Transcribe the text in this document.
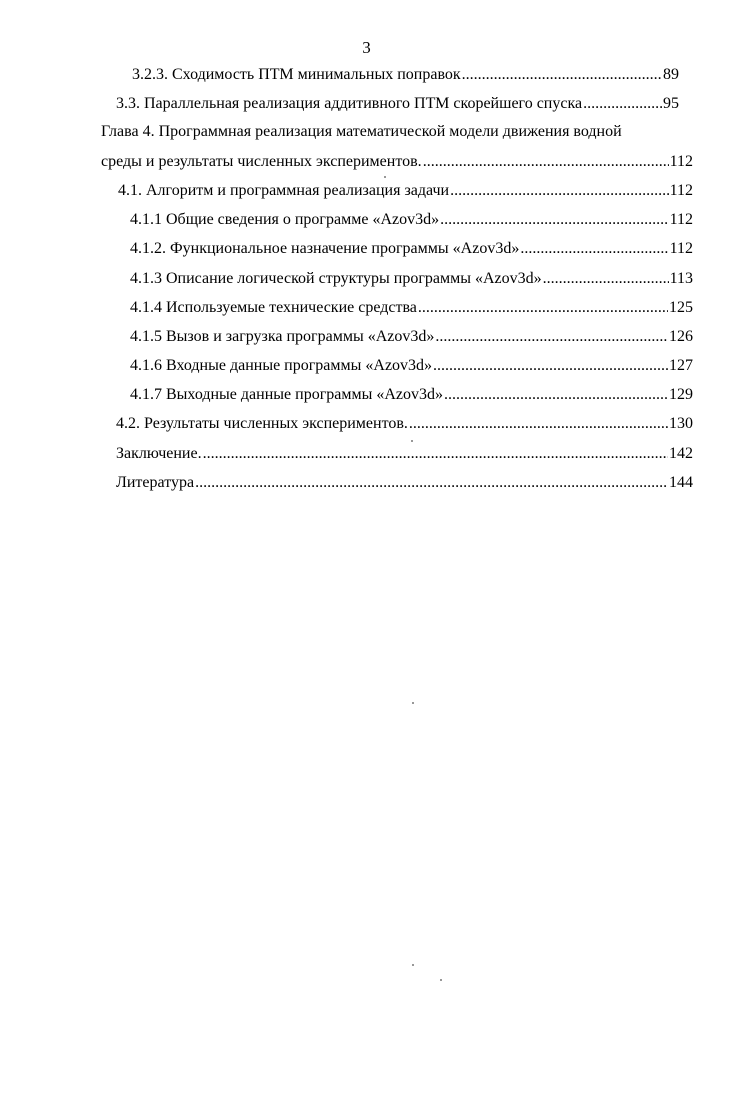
3
3.2.3. Сходимость ПТМ минимальных поправок .....	89
3.3. Параллельная реализация аддитивного ПТМ скорейшего спуска .....	95
Глава 4. Программная реализация математической модели движения водной
среды и результаты численных экспериментов. .....	112
4.1. Алгоритм и программная реализация задачи .....	112
4.1.1 Общие сведения о программе «Azov3d» .....	112
4.1.2. Функциональное назначение программы «Azov3d» .....	112
4.1.3 Описание логической структуры программы «Azov3d» .....	113
4.1.4 Используемые технические средства .....	125
4.1.5 Вызов и загрузка программы «Azov3d» .....	126
4.1.6 Входные данные программы «Azov3d» .....	127
4.1.7 Выходные данные программы «Azov3d» .....	129
4.2. Результаты численных экспериментов. .....	130
Заключение. .....	142
Литература .....	144
